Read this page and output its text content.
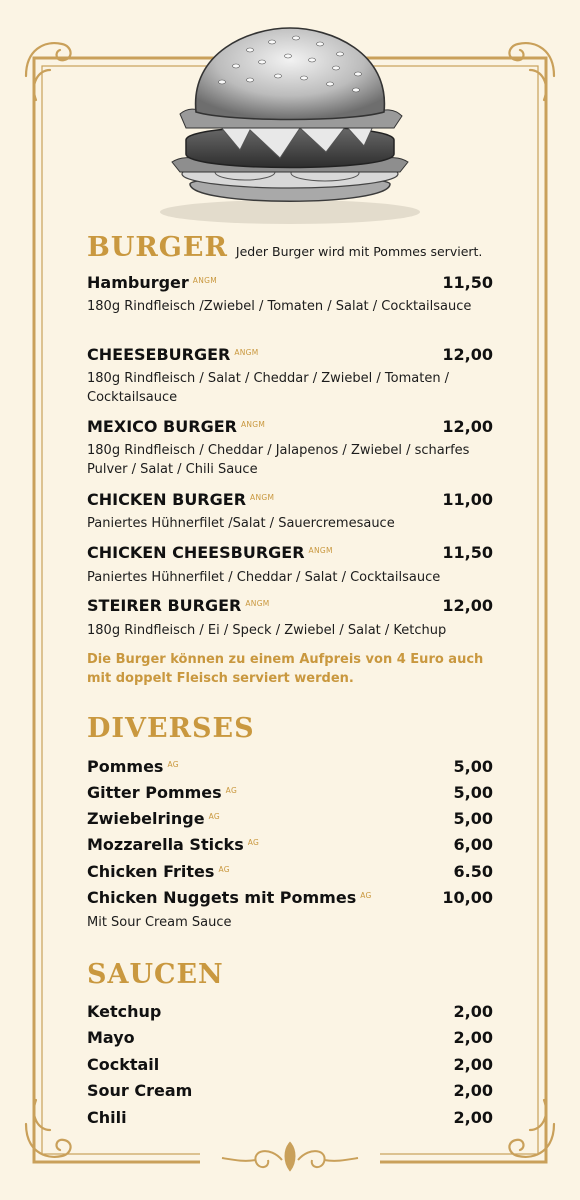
BURGER Jeder Burger wird mit Pommes serviert.
Hamburger $^{ANGM}$	11,50
180g Rindfleisch /Zwiebel / Tomaten / Salat / Cocktailsauce
CHEESEBURGER $^{ANGM}$	12,00
180g Rindfleisch / Salat / Cheddar / Zwiebel / Tomaten / Cocktailsauce
MEXICO BURGER $^{ANGM}$	12,00
180g Rindfleisch / Cheddar / Jalapenos / Zwiebel / scharfes Pulver / Salat / Chili Sauce
CHICKEN BURGER $^{ANGM}$	11,00
Paniertes Hühnerfilet /Salat / Sauercremesauce
CHICKEN CHEESBURGER $^{ANGM}$	11,50
Paniertes Hühnerfilet / Cheddar / Salat / Cocktailsauce
STEIRER BURGER $^{ANGM}$	12,00
180g Rindfleisch / Ei / Speck / Zwiebel / Salat / Ketchup
Die Burger können zu einem Aufpreis von 4 Euro auch mit doppelt Fleisch serviert werden.
DIVERSES
Pommes $^{AG}$	5,00
Gitter Pommes $^{AG}$	5,00
Zwiebelringe $^{AG}$	5,00
Mozzarella Sticks $^{AG}$	6,00
Chicken Frites $^{AG}$	6.50
Chicken Nuggets mit Pommes $^{AG}$	10,00
Mit Sour Cream Sauce
SAUCEN
Ketchup	2,00
Mayo	2,00
Cocktail	2,00
Sour Cream	2,00
Chili	2,00
